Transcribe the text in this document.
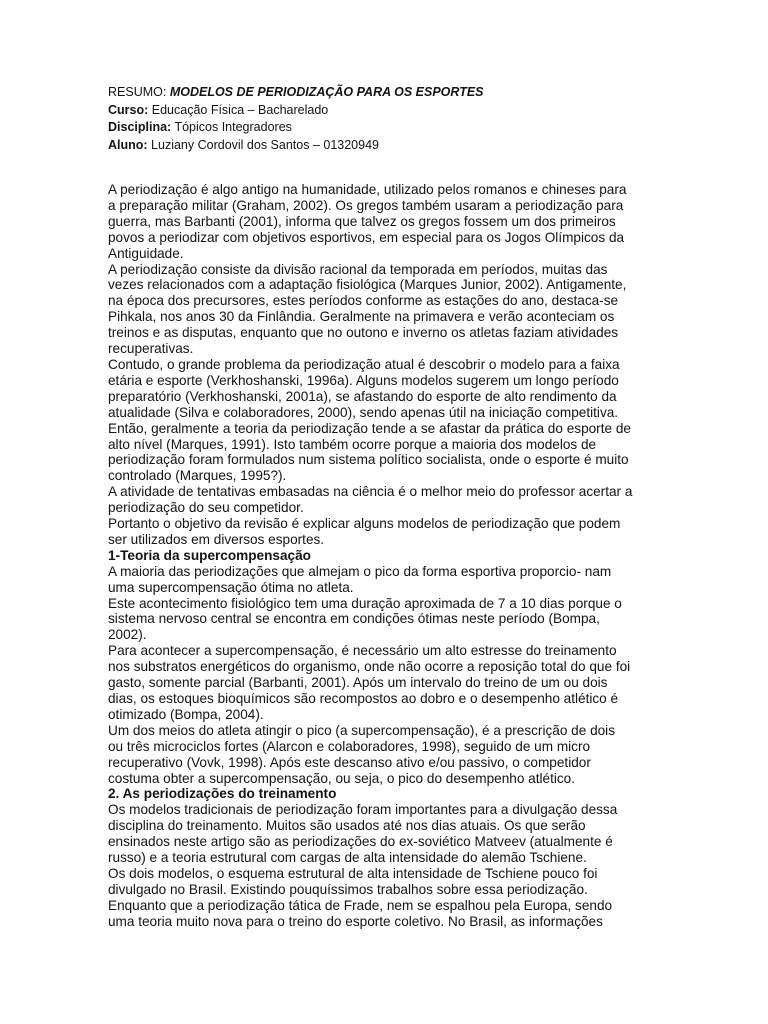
RESUMO: MODELOS DE PERIODIZAÇÃO PARA OS ESPORTES
Curso: Educação Física – Bacharelado
Disciplina: Tópicos Integradores
Aluno: Luziany Cordovil dos Santos – 01320949
A periodização é algo antigo na humanidade, utilizado pelos romanos e chineses para
a preparação militar (Graham, 2002). Os gregos também usaram a periodização para
guerra, mas Barbanti (2001), informa que talvez os gregos fossem um dos primeiros
povos a periodizar com objetivos esportivos, em especial para os Jogos Olímpicos da
Antiguidade.
A periodização consiste da divisão racional da temporada em períodos, muitas das
vezes relacionados com a adaptação fisiológica (Marques Junior, 2002). Antigamente,
na época dos precursores, estes períodos conforme as estações do ano, destaca-se
Pihkala, nos anos 30 da Finlândia. Geralmente na primavera e verão aconteciam os
treinos e as disputas, enquanto que no outono e inverno os atletas faziam atividades
recuperativas.
Contudo, o grande problema da periodização atual é descobrir o modelo para a faixa
etária e esporte (Verkhoshanski, 1996a). Alguns modelos sugerem um longo período
preparatório (Verkhoshanski, 2001a), se afastando do esporte de alto rendimento da
atualidade (Silva e colaboradores, 2000), sendo apenas útil na iniciação competitiva.
Então, geralmente a teoria da periodização tende a se afastar da prática do esporte de
alto nível (Marques, 1991). Isto também ocorre porque a maioria dos modelos de
periodização foram formulados num sistema político socialista, onde o esporte é muito
controlado (Marques, 1995?).
A atividade de tentativas embasadas na ciência é o melhor meio do professor acertar a
periodização do seu competidor.
Portanto o objetivo da revisão é explicar alguns modelos de periodização que podem
ser utilizados em diversos esportes.
1-Teoria da supercompensação
A maioria das periodizações que almejam o pico da forma esportiva proporcio- nam
uma supercompensação ótima no atleta.
Este acontecimento fisiológico tem uma duração aproximada de 7 a 10 dias porque o
sistema nervoso central se encontra em condições ótimas neste período (Bompa,
2002).
Para acontecer a supercompensação, é necessário um alto estresse do treinamento
nos substratos energéticos do organismo, onde não ocorre a reposição total do que foi
gasto, somente parcial (Barbanti, 2001). Após um intervalo do treino de um ou dois
dias, os estoques bioquímicos são recompostos ao dobro e o desempenho atlético é
otimizado (Bompa, 2004).
Um dos meios do atleta atingir o pico (a supercompensação), é a prescrição de dois
ou três microciclos fortes (Alarcon e colaboradores, 1998), seguido de um micro
recuperativo (Vovk, 1998). Após este descanso ativo e/ou passivo, o competidor
costuma obter a supercompensação, ou seja, o pico do desempenho atlético.
2. As periodizações do treinamento
Os modelos tradicionais de periodização foram importantes para a divulgação dessa
disciplina do treinamento. Muitos são usados até nos dias atuais. Os que serão
ensinados neste artigo são as periodizações do ex-soviético Matveev (atualmente é
russo) e a teoria estrutural com cargas de alta intensidade do alemão Tschiene.
Os dois modelos, o esquema estrutural de alta intensidade de Tschiene pouco foi
divulgado no Brasil. Existindo pouquíssimos trabalhos sobre essa periodização.
Enquanto que a periodização tática de Frade, nem se espalhou pela Europa, sendo
uma teoria muito nova para o treino do esporte coletivo. No Brasil, as informações
